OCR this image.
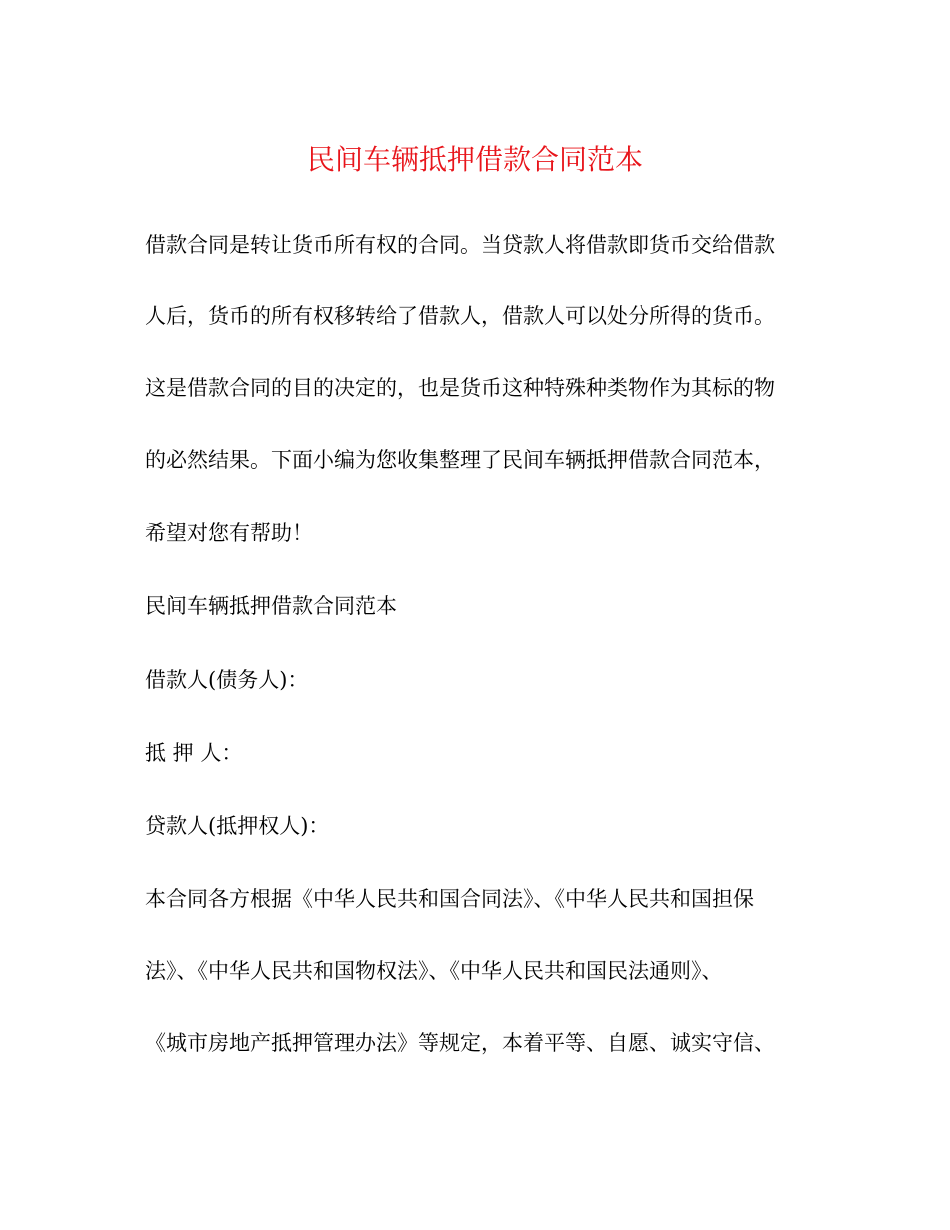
民间车辆抵押借款合同范本
借款合同是转让货币所有权的合同。当贷款人将借款即货币交给借款
人后，货币的所有权移转给了借款人，借款人可以处分所得的货币。
这是借款合同的目的决定的，也是货币这种特殊种类物作为其标的物
的必然结果。下面小编为您收集整理了民间车辆抵押借款合同范本，
希望对您有帮助！
民间车辆抵押借款合同范本
借款人(债务人)：
抵 押 人：
贷款人(抵押权人)：
本合同各方根据《中华人民共和国合同法》、《中华人民共和国担保
法》、《中华人民共和国物权法》、《中华人民共和国民法通则》、
《城市房地产抵押管理办法》等规定，本着平等、自愿、诚实守信、
